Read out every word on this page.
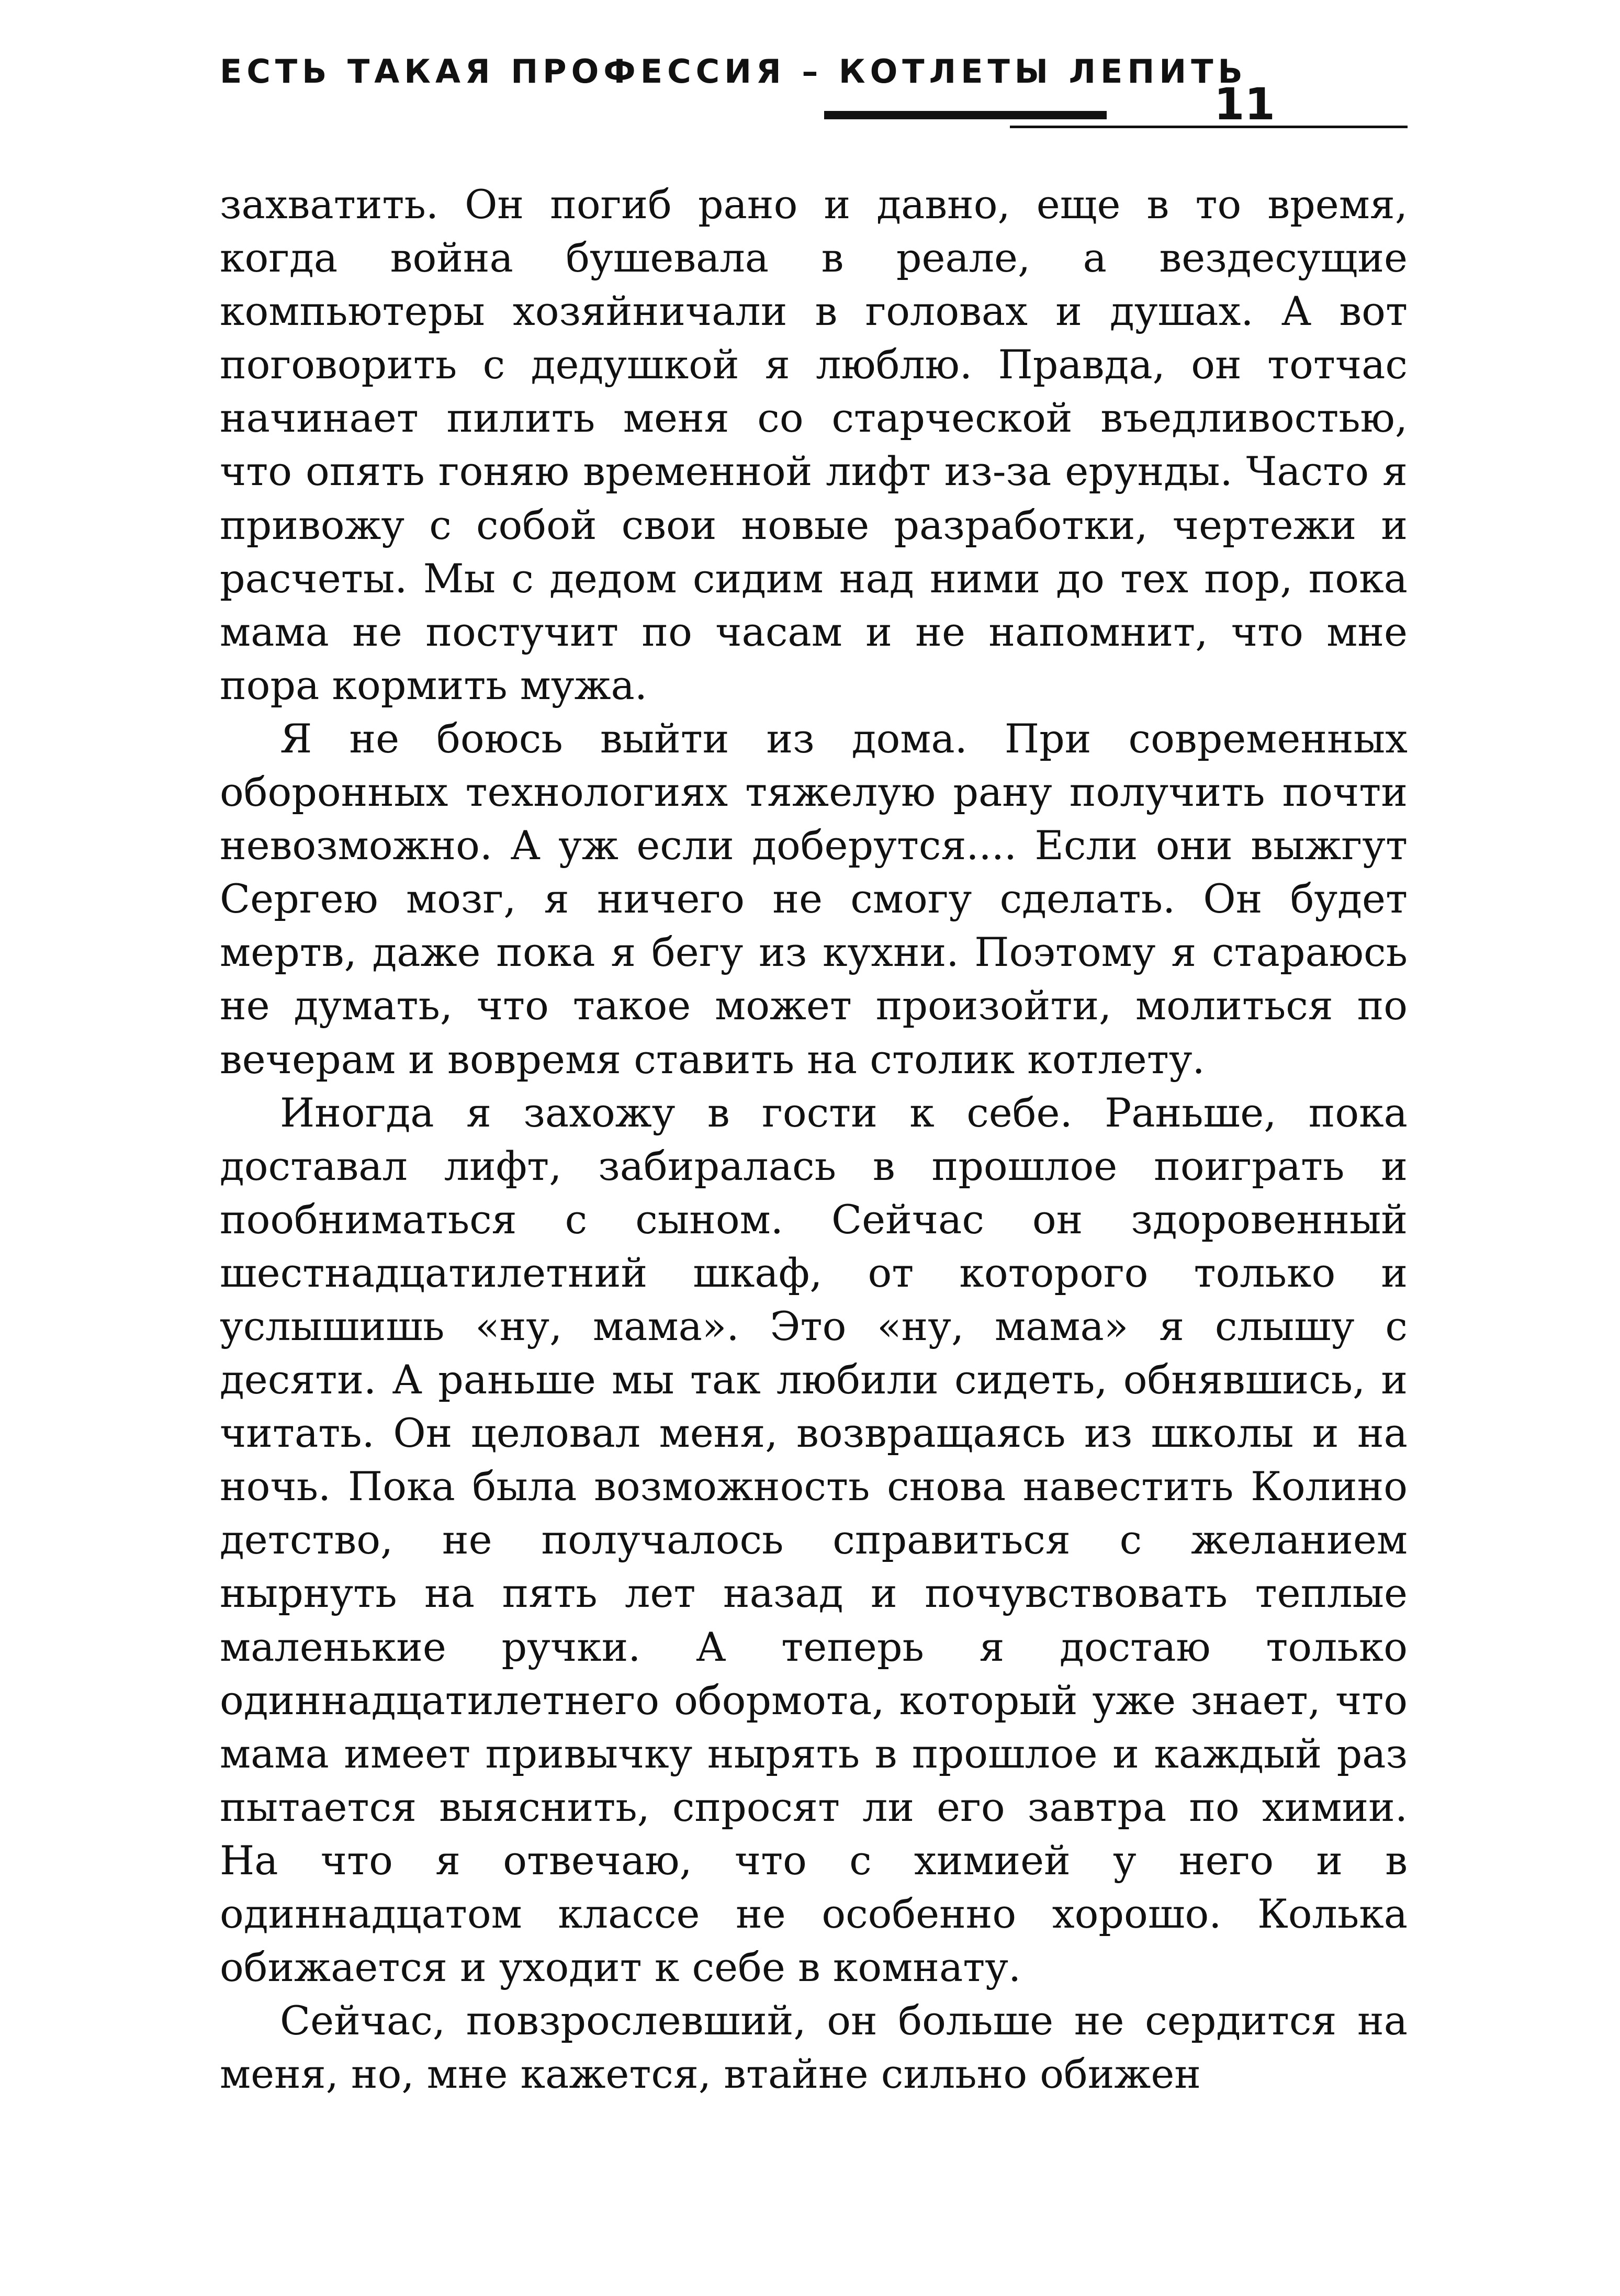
ЕСТЬ ТАКАЯ ПРОФЕССИЯ – КОТЛЕТЫ ЛЕПИТЬ
11

захватить. Он погиб рано и давно, еще в то время, когда война бушевала в реале, а вездесущие компьютеры хозяйничали в головах и душах. А вот поговорить с дедушкой я люблю. Правда, он тотчас начинает пилить меня со старческой въедливостью, что опять гоняю временной лифт из-за ерунды. Часто я привожу с собой свои новые разработки, чертежи и расчеты. Мы с дедом сидим над ними до тех пор, пока мама не постучит по часам и не напомнит, что мне пора кормить мужа.

Я не боюсь выйти из дома. При современных оборонных технологиях тяжелую рану получить почти невозможно. А уж если доберутся.... Если они выжгут Сергею мозг, я ничего не смогу сделать. Он будет мертв, даже пока я бегу из кухни. Поэтому я стараюсь не думать, что такое может произойти, молиться по вечерам и вовремя ставить на столик котлету.

Иногда я захожу в гости к себе. Раньше, пока доставал лифт, забиралась в прошлое поиграть и пообниматься с сыном. Сейчас он здоровенный шестнадцатилетний шкаф, от которого только и услышишь «ну, мама». Это «ну, мама» я слышу с десяти. А раньше мы так любили сидеть, обнявшись, и читать. Он целовал меня, возвращаясь из школы и на ночь. Пока была возможность снова навестить Колино детство, не получалось справиться с желанием нырнуть на пять лет назад и почувствовать теплые маленькие ручки. А теперь я достаю только одиннадцатилетнего обормота, который уже знает, что мама имеет привычку нырять в прошлое и каждый раз пытается выяснить, спросят ли его завтра по химии. На что я отвечаю, что с химией у него и в одиннадцатом классе не особенно хорошо. Колька обижается и уходит к себе в комнату.

Сейчас, повзрослевший, он больше не сердится на меня, но, мне кажется, втайне сильно обижен
